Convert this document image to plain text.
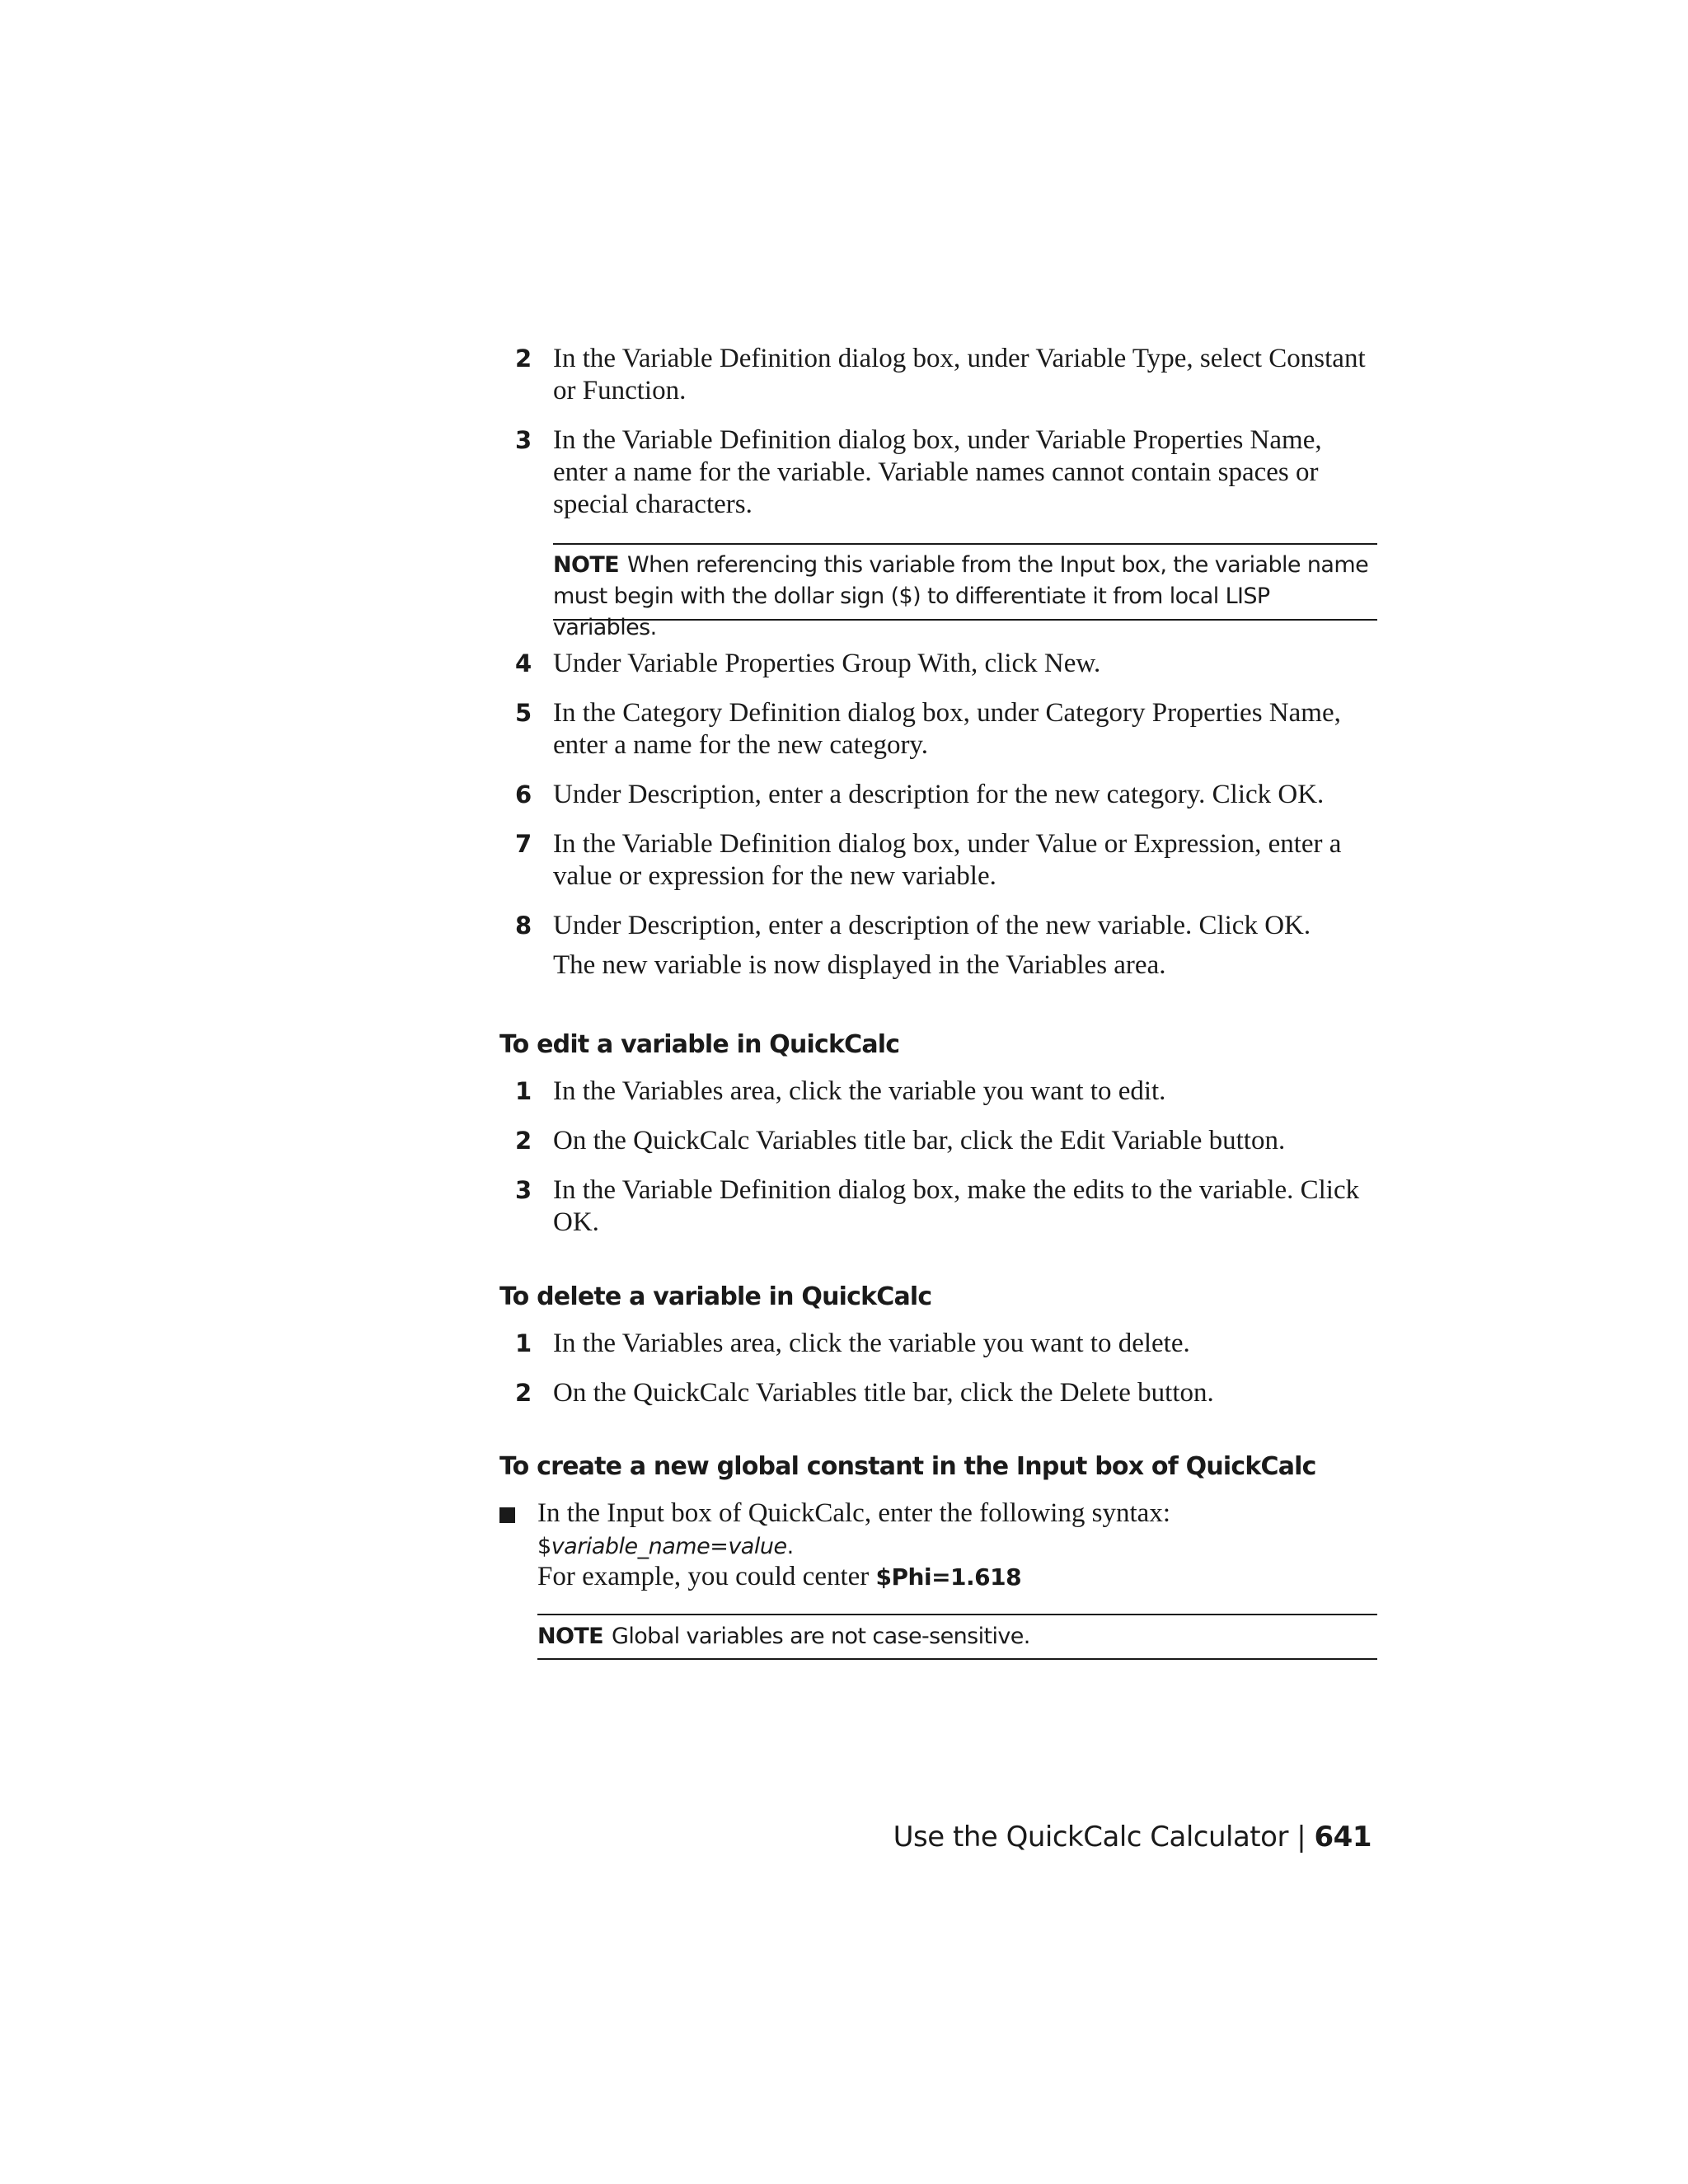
2 In the Variable Definition dialog box, under Variable Type, select Constant or Function.
3 In the Variable Definition dialog box, under Variable Properties Name, enter a name for the variable. Variable names cannot contain spaces or special characters.
NOTE When referencing this variable from the Input box, the variable name must begin with the dollar sign ($) to differentiate it from local LISP variables.
4 Under Variable Properties Group With, click New.
5 In the Category Definition dialog box, under Category Properties Name, enter a name for the new category.
6 Under Description, enter a description for the new category. Click OK.
7 In the Variable Definition dialog box, under Value or Expression, enter a value or expression for the new variable.
8 Under Description, enter a description of the new variable. Click OK.
The new variable is now displayed in the Variables area.
To edit a variable in QuickCalc
1 In the Variables area, click the variable you want to edit.
2 On the QuickCalc Variables title bar, click the Edit Variable button.
3 In the Variable Definition dialog box, make the edits to the variable. Click OK.
To delete a variable in QuickCalc
1 In the Variables area, click the variable you want to delete.
2 On the QuickCalc Variables title bar, click the Delete button.
To create a new global constant in the Input box of QuickCalc
In the Input box of QuickCalc, enter the following syntax:
$variable_name=value.
For example, you could center $Phi=1.618
NOTE Global variables are not case-sensitive.
Use the QuickCalc Calculator | 641
